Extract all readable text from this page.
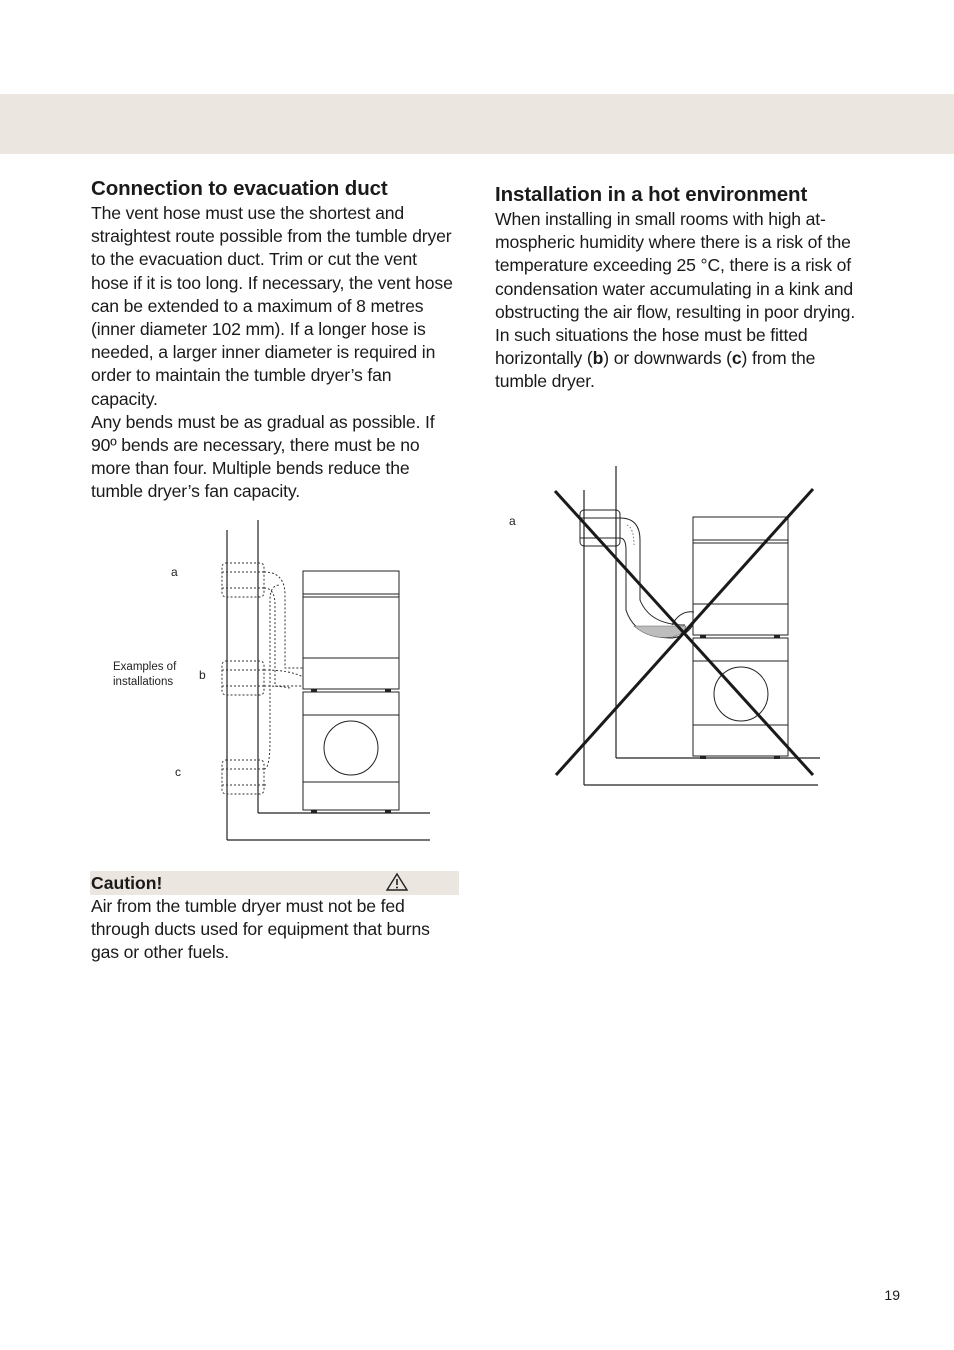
Connection to evacuation duct

The vent hose must use the shortest and straightest route possible from the tumble dryer to the evacuation duct. Trim or cut the vent hose if it is too long. If necessary, the vent hose can be extended to a maximum of 8 metres (inner diameter 102 mm). If a longer hose is needed, a larger inner diameter is required in order to maintain the tumble dryer’s fan capacity.

Any bends must be as gradual as possible. If 90º bends are necessary, there must be no more than four. Multiple bends reduce the tumble dryer’s fan capacity.

a
b
c
Examples of
installations
Caution!

Air from the tumble dryer must not be fed through ducts used for equipment that burns gas or other fuels.

Installation in a hot environment

When installing in small rooms with high atmospheric humidity where there is a risk of the temperature exceeding 25 °C, there is a risk of condensation water accumulating in a kink and obstructing the air flow, resulting in poor drying.

In such situations the hose must be fitted horizontally (b) or downwards (c) from the tumble dryer.

a
19
